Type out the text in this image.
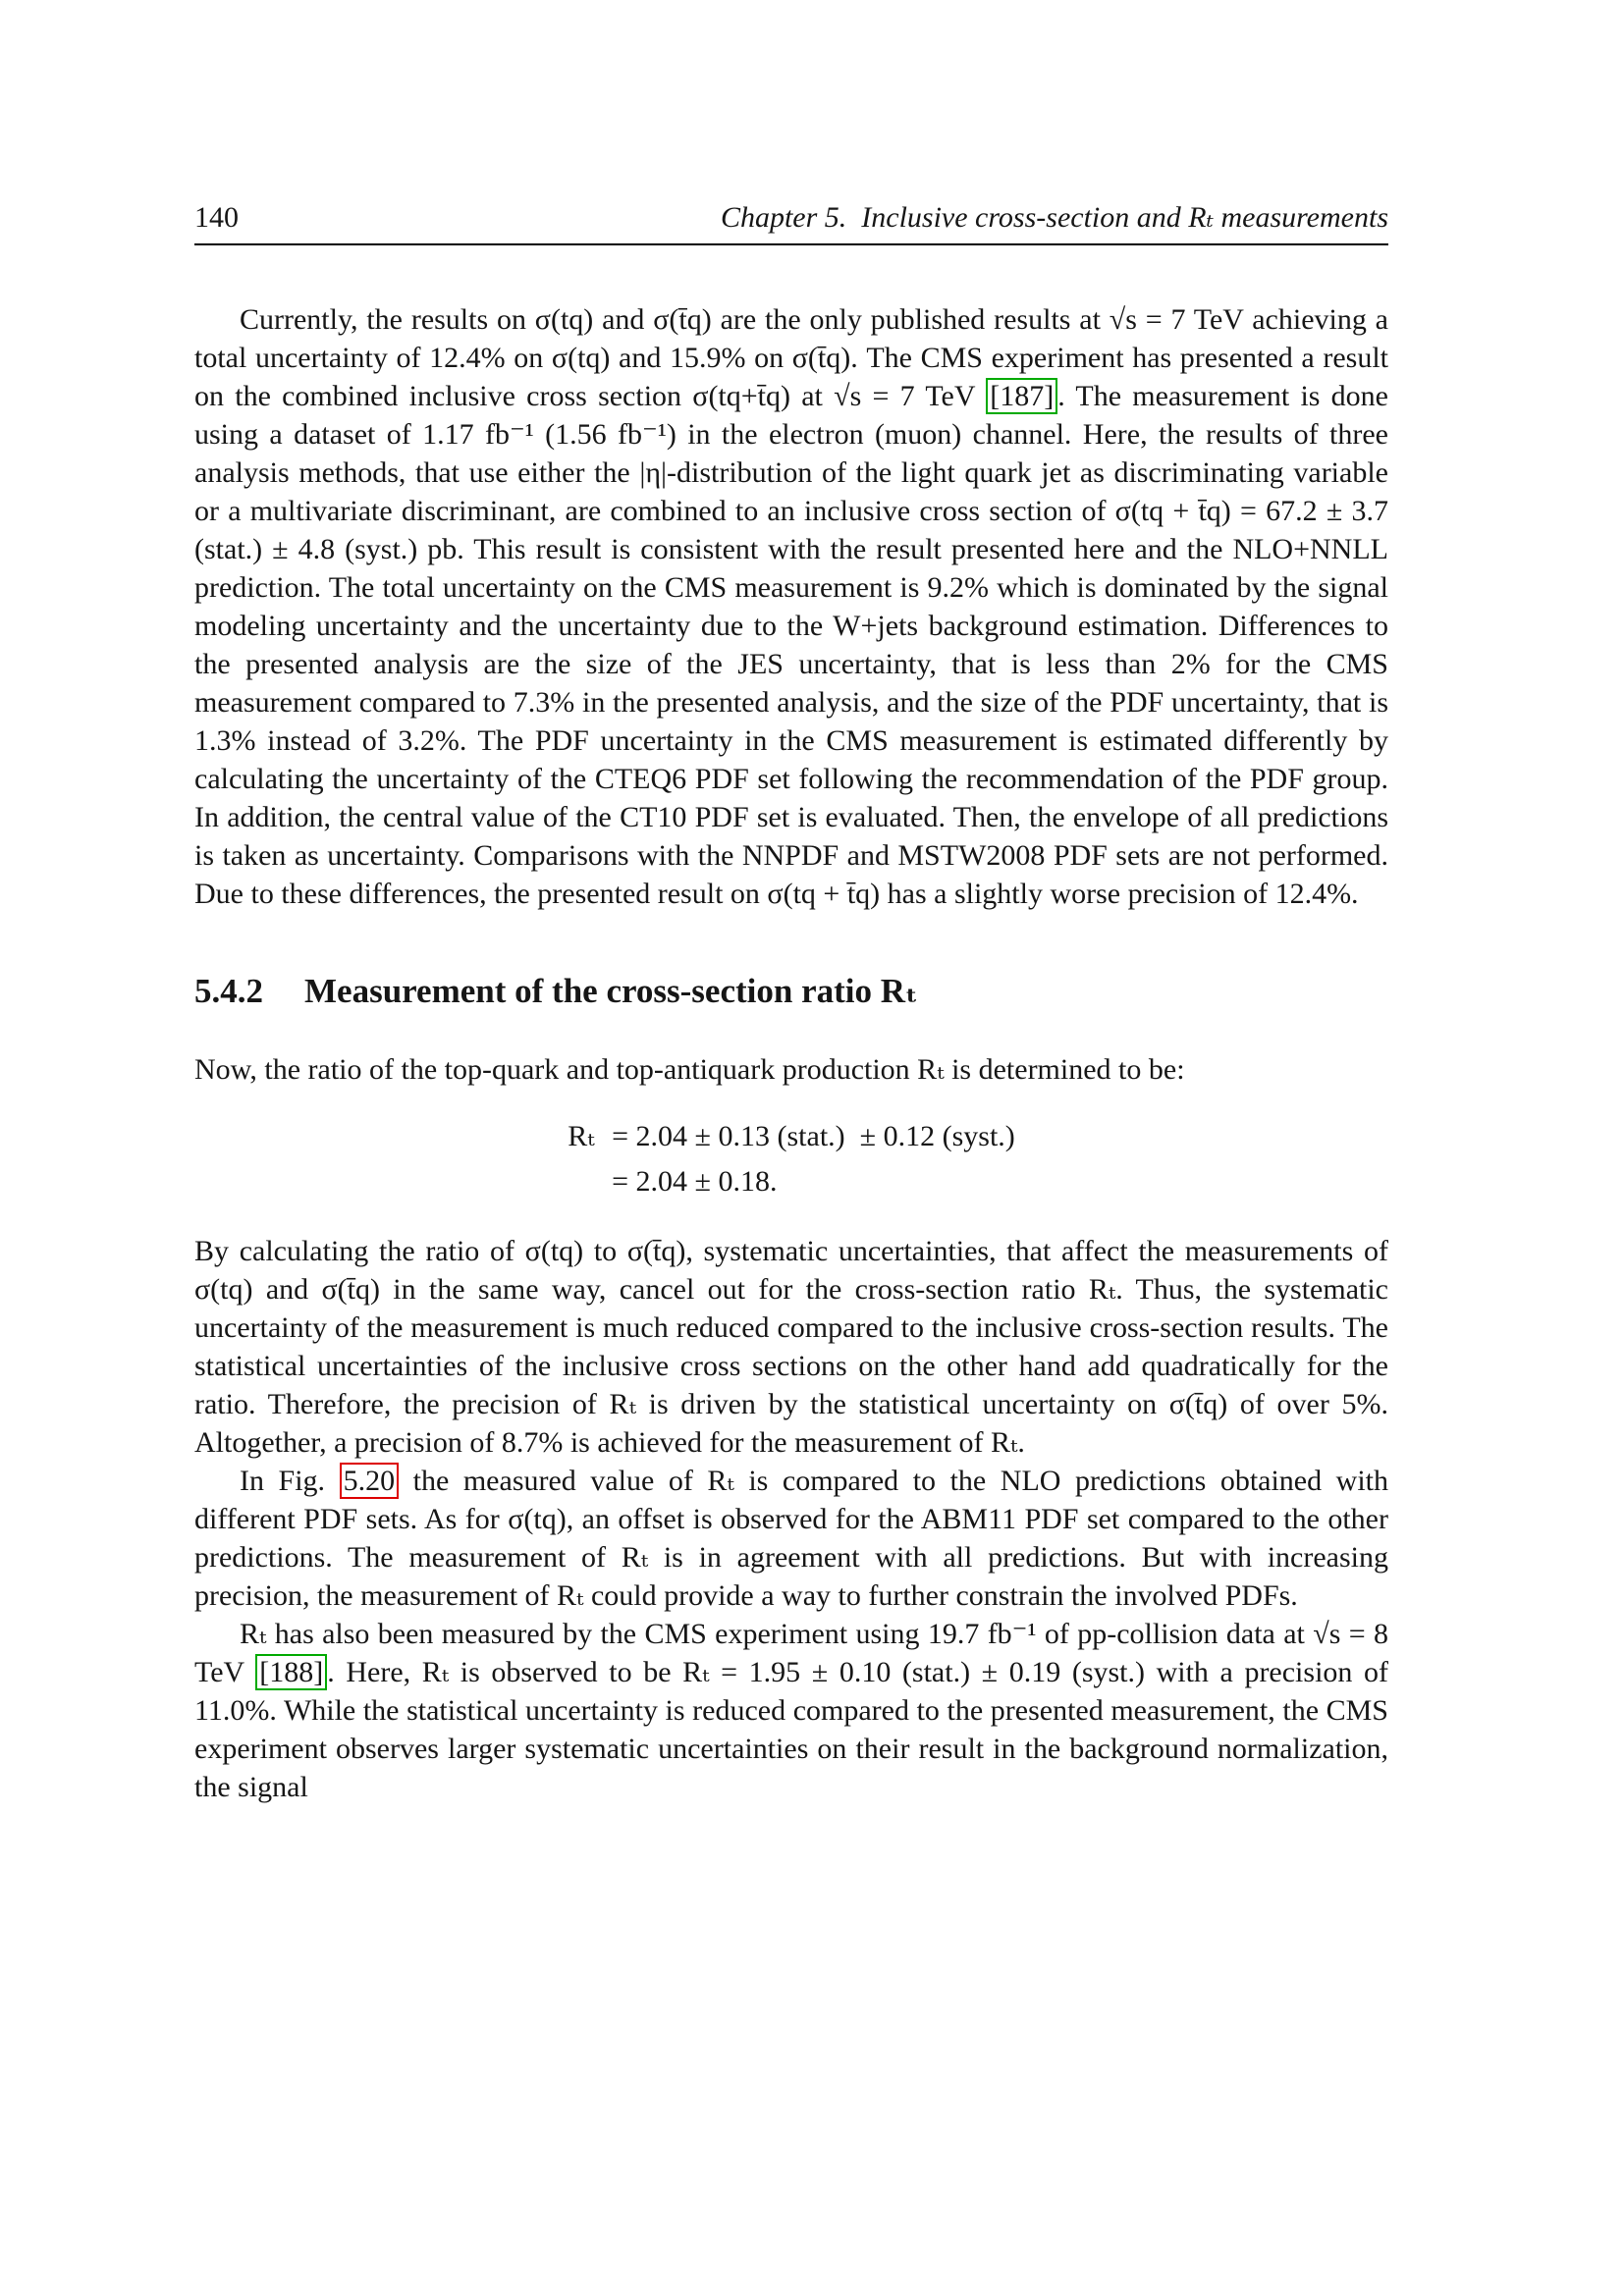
140	Chapter 5. Inclusive cross-section and Rₜ measurements

Currently, the results on σ(tq) and σ(t̄q) are the only published results at √s = 7 TeV achieving a total uncertainty of 12.4% on σ(tq) and 15.9% on σ(t̄q). The CMS experiment has presented a result on the combined inclusive cross section σ(tq+t̄q) at √s = 7 TeV [187] . The measurement is done using a dataset of 1.17 fb⁻¹ (1.56 fb⁻¹) in the electron (muon) channel. Here, the results of three analysis methods, that use either the |η|-distribution of the light quark jet as discriminating variable or a multivariate discriminant, are combined to an inclusive cross section of σ(tq + t̄q) = 67.2 ± 3.7 (stat.) ± 4.8 (syst.) pb. This result is consistent with the result presented here and the NLO+NNLL prediction. The total uncertainty on the CMS measurement is 9.2% which is dominated by the signal modeling uncertainty and the uncertainty due to the W+jets background estimation. Differences to the presented analysis are the size of the JES uncertainty, that is less than 2% for the CMS measurement compared to 7.3% in the presented analysis, and the size of the PDF uncertainty, that is 1.3% instead of 3.2%. The PDF uncertainty in the CMS measurement is estimated differently by calculating the uncertainty of the CTEQ6 PDF set following the recommendation of the PDF group. In addition, the central value of the CT10 PDF set is evaluated. Then, the envelope of all predictions is taken as uncertainty. Comparisons with the NNPDF and MSTW2008 PDF sets are not performed. Due to these differences, the presented result on σ(tq + t̄q) has a slightly worse precision of 12.4%.

5.4.2 Measurement of the cross-section ratio Rₜ

Now, the ratio of the top-quark and top-antiquark production Rₜ is determined to be:

Rₜ = 2.04 ± 0.13 (stat.)  ± 0.12 (syst.)
= 2.04 ± 0.18.

By calculating the ratio of σ(tq) to σ(t̄q), systematic uncertainties, that affect the measurements of σ(tq) and σ(t̄q) in the same way, cancel out for the cross-section ratio Rₜ. Thus, the systematic uncertainty of the measurement is much reduced compared to the inclusive cross-section results. The statistical uncertainties of the inclusive cross sections on the other hand add quadratically for the ratio. Therefore, the precision of Rₜ is driven by the statistical uncertainty on σ(t̄q) of over 5%. Altogether, a precision of 8.7% is achieved for the measurement of Rₜ.

In Fig. 5.20 the measured value of Rₜ is compared to the NLO predictions obtained with different PDF sets. As for σ(tq), an offset is observed for the ABM11 PDF set compared to the other predictions. The measurement of Rₜ is in agreement with all predictions. But with increasing precision, the measurement of Rₜ could provide a way to further constrain the involved PDFs.

Rₜ has also been measured by the CMS experiment using 19.7 fb⁻¹ of pp-collision data at √s = 8 TeV [188] . Here, Rₜ is observed to be Rₜ = 1.95 ± 0.10 (stat.) ± 0.19 (syst.) with a precision of 11.0%. While the statistical uncertainty is reduced compared to the presented measurement, the CMS experiment observes larger systematic uncertainties on their result in the background normalization, the signal
